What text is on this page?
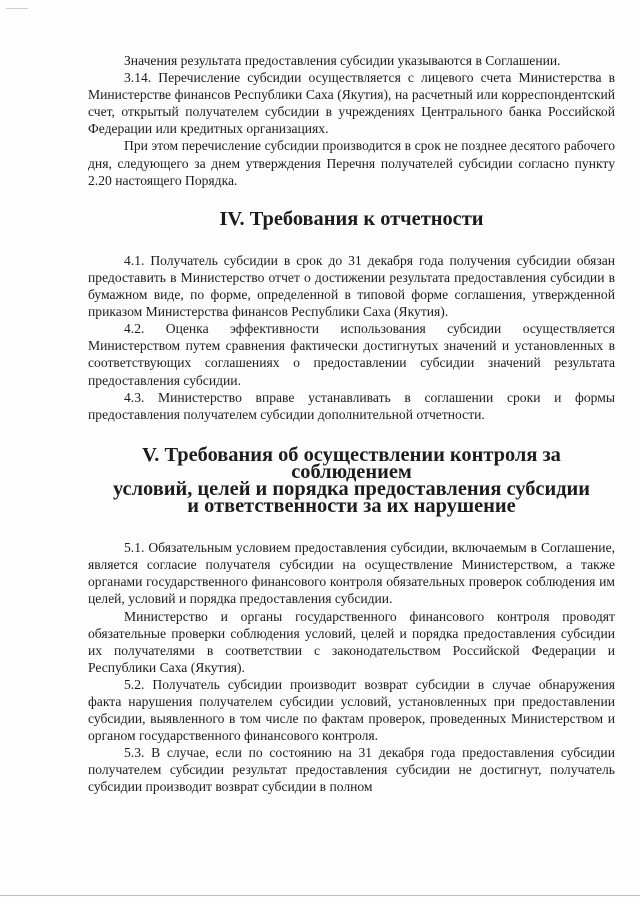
Значения результата предоставления субсидии указываются в Соглашении.

3.14. Перечисление субсидии осуществляется с лицевого счета Министерства в Министерстве финансов Республики Саха (Якутия), на расчетный или корреспондентский счет, открытый получателем субсидии в учреждениях Центрального банка Российской Федерации или кредитных организациях.

При этом перечисление субсидии производится в срок не позднее десятого рабочего дня, следующего за днем утверждения Перечня получателей субсидии согласно пункту 2.20 настоящего Порядка.

IV. Требования к отчетности

4.1. Получатель субсидии в срок до 31 декабря года получения субсидии обязан предоставить в Министерство отчет о достижении результата предоставления субсидии в бумажном виде, по форме, определенной в типовой форме соглашения, утвержденной приказом Министерства финансов Республики Саха (Якутия).

4.2. Оценка эффективности использования субсидии осуществляется Министерством путем сравнения фактически достигнутых значений и установленных в соответствующих соглашениях о предоставлении субсидии значений результата предоставления субсидии.

4.3. Министерство вправе устанавливать в соглашении сроки и формы предоставления получателем субсидии дополнительной отчетности.

V. Требования об осуществлении контроля за соблюдением
условий, целей и порядка предоставления субсидии
и ответственности за их нарушение

5.1. Обязательным условием предоставления субсидии, включаемым в Соглашение, является согласие получателя субсидии на осуществление Министерством, а также органами государственного финансового контроля обязательных проверок соблюдения им целей, условий и порядка предоставления субсидии.

Министерство и органы государственного финансового контроля проводят обязательные проверки соблюдения условий, целей и порядка предоставления субсидии их получателями в соответствии с законодательством Российской Федерации и Республики Саха (Якутия).

5.2. Получатель субсидии производит возврат субсидии в случае обнаружения факта нарушения получателем субсидии условий, установленных при предоставлении субсидии, выявленного в том числе по фактам проверок, проведенных Министерством и органом государственного финансового контроля.

5.3. В случае, если по состоянию на 31 декабря года предоставления субсидии получателем субсидии результат предоставления субсидии не достигнут, получатель субсидии производит возврат субсидии в полном
